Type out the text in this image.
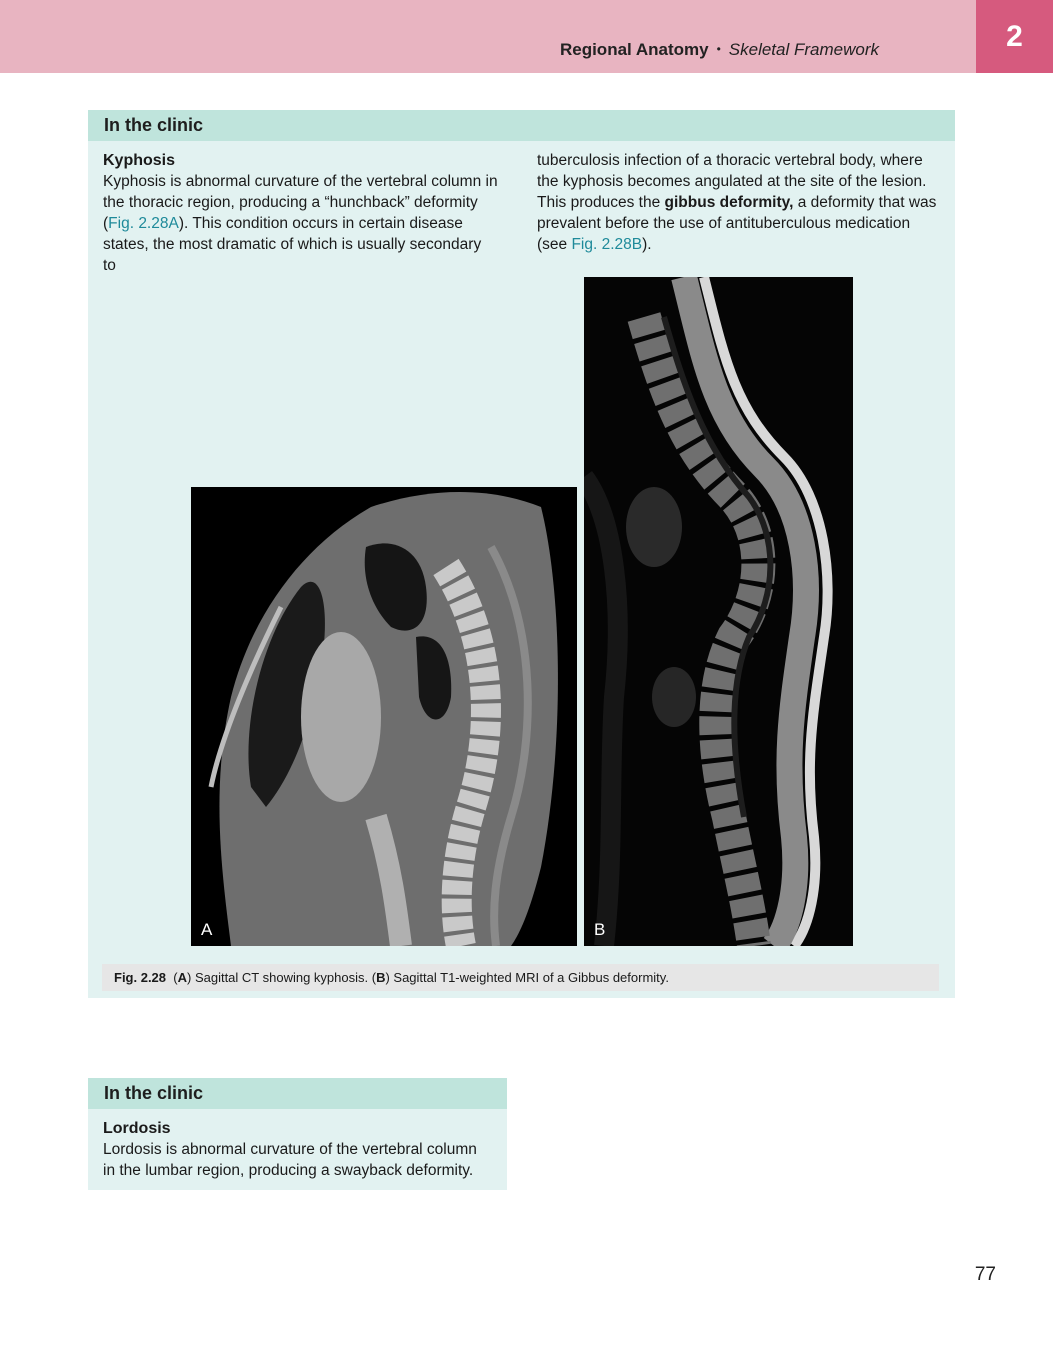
Regional Anatomy • Skeletal Framework	2
In the clinic
Kyphosis
Kyphosis is abnormal curvature of the vertebral column in the thoracic region, producing a “hunchback” deformity (Fig. 2.28A). This condition occurs in certain disease states, the most dramatic of which is usually secondary to
tuberculosis infection of a thoracic vertebral body, where the kyphosis becomes angulated at the site of the lesion. This produces the gibbus deformity, a deformity that was prevalent before the use of antituberculous medication (see Fig. 2.28B).
A	B
Fig. 2.28 (A) Sagittal CT showing kyphosis. (B) Sagittal T1-weighted MRI of a Gibbus deformity.
In the clinic
Lordosis
Lordosis is abnormal curvature of the vertebral column in the lumbar region, producing a swayback deformity.
77
